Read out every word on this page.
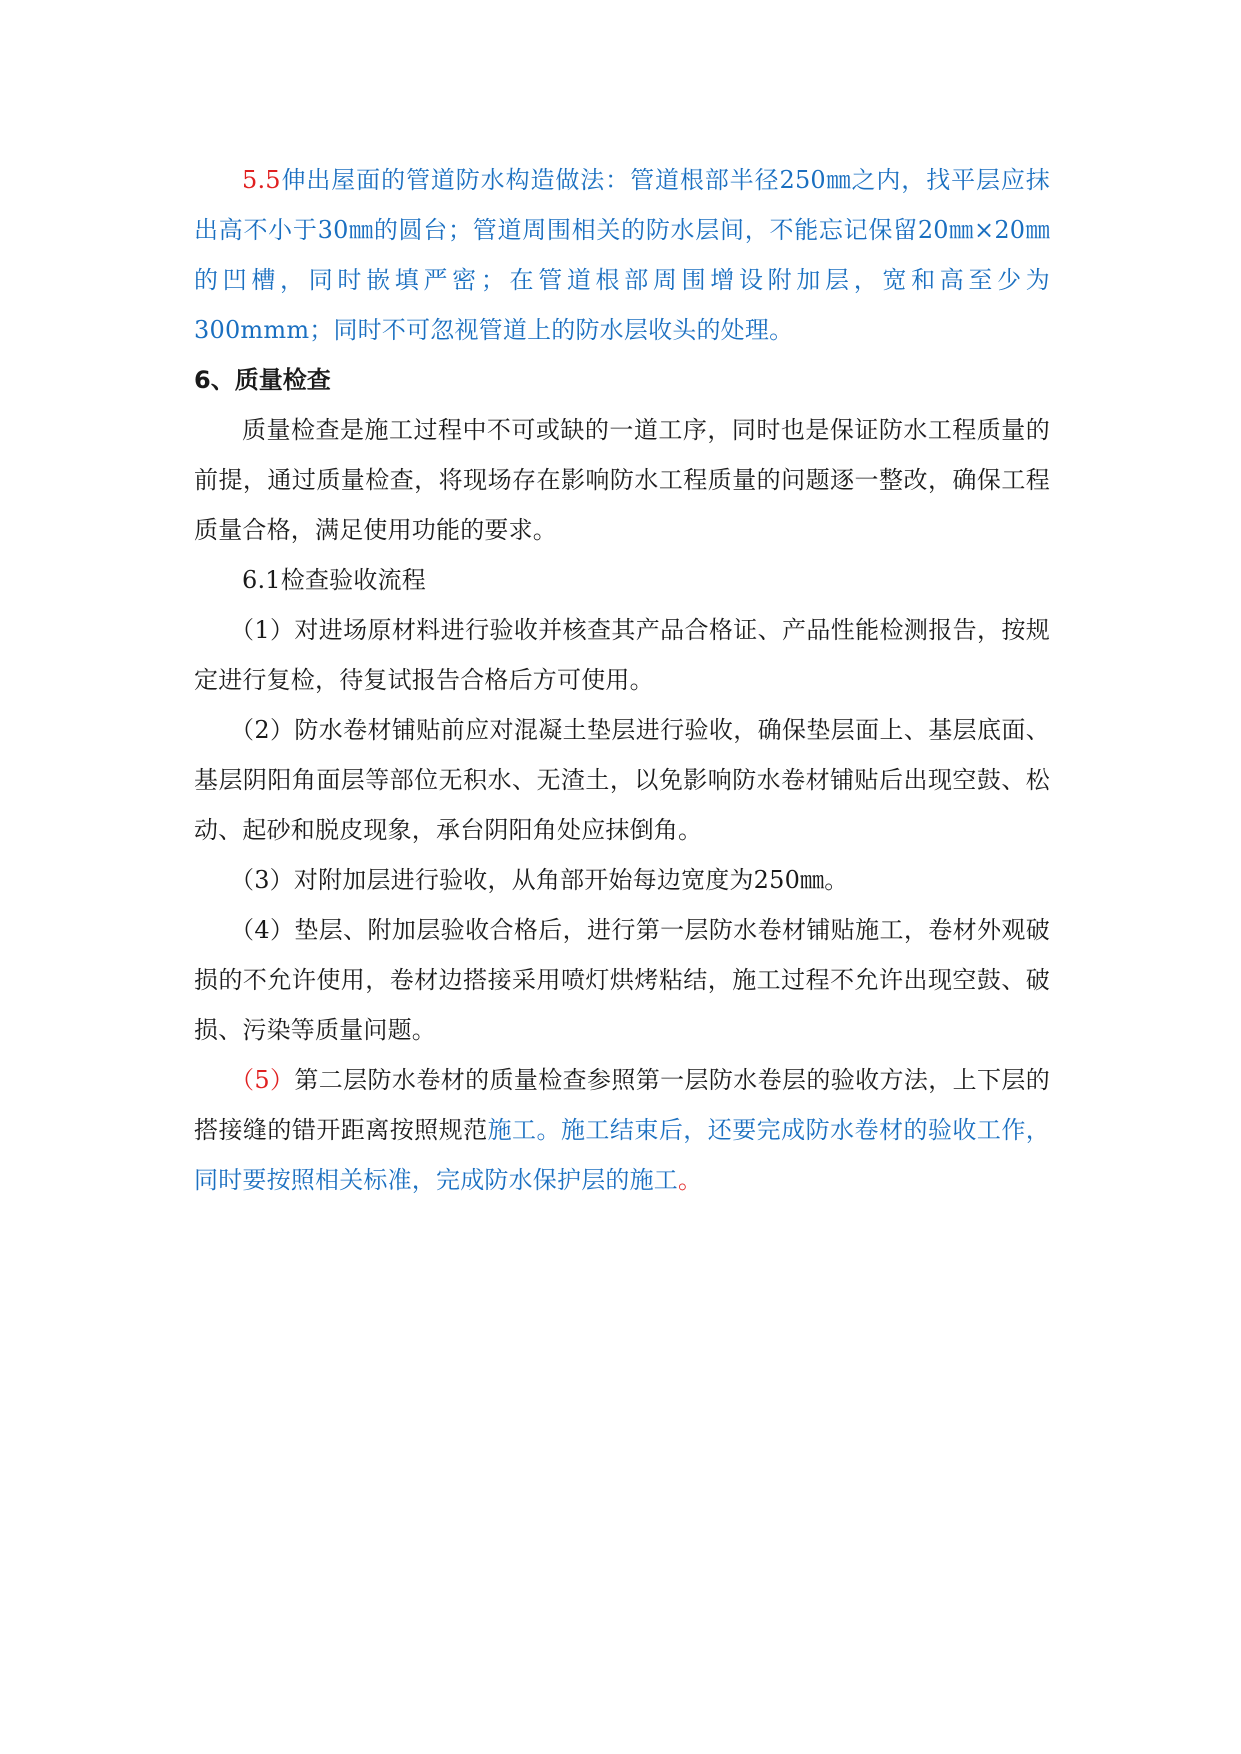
5.5伸出屋面的管道防水构造做法：管道根部半径250㎜之内，找平层应抹出高不小于30㎜的圆台；管道周围相关的防水层间，不能忘记保留20㎜×20㎜的凹槽，同时嵌填严密；在管道根部周围增设附加层，宽和高至少为300mmm；同时不可忽视管道上的防水层收头的处理。

6、质量检查

质量检查是施工过程中不可或缺的一道工序，同时也是保证防水工程质量的前提，通过质量检查，将现场存在影响防水工程质量的问题逐一整改，确保工程质量合格，满足使用功能的要求。

6.1检查验收流程

（1）对进场原材料进行验收并核查其产品合格证、产品性能检测报告，按规定进行复检，待复试报告合格后方可使用。

（2）防水卷材铺贴前应对混凝土垫层进行验收，确保垫层面上、基层底面、基层阴阳角面层等部位无积水、无渣土，以免影响防水卷材铺贴后出现空鼓、松动、起砂和脱皮现象，承台阴阳角处应抹倒角。

（3）对附加层进行验收，从角部开始每边宽度为250㎜。

（4）垫层、附加层验收合格后，进行第一层防水卷材铺贴施工，卷材外观破损的不允许使用，卷材边搭接采用喷灯烘烤粘结，施工过程不允许出现空鼓、破损、污染等质量问题。

（5）第二层防水卷材的质量检查参照第一层防水卷层的验收方法，上下层的搭接缝的错开距离按照规范施工。施工结束后，还要完成防水卷材的验收工作，同时要按照相关标准，完成防水保护层的施工。
